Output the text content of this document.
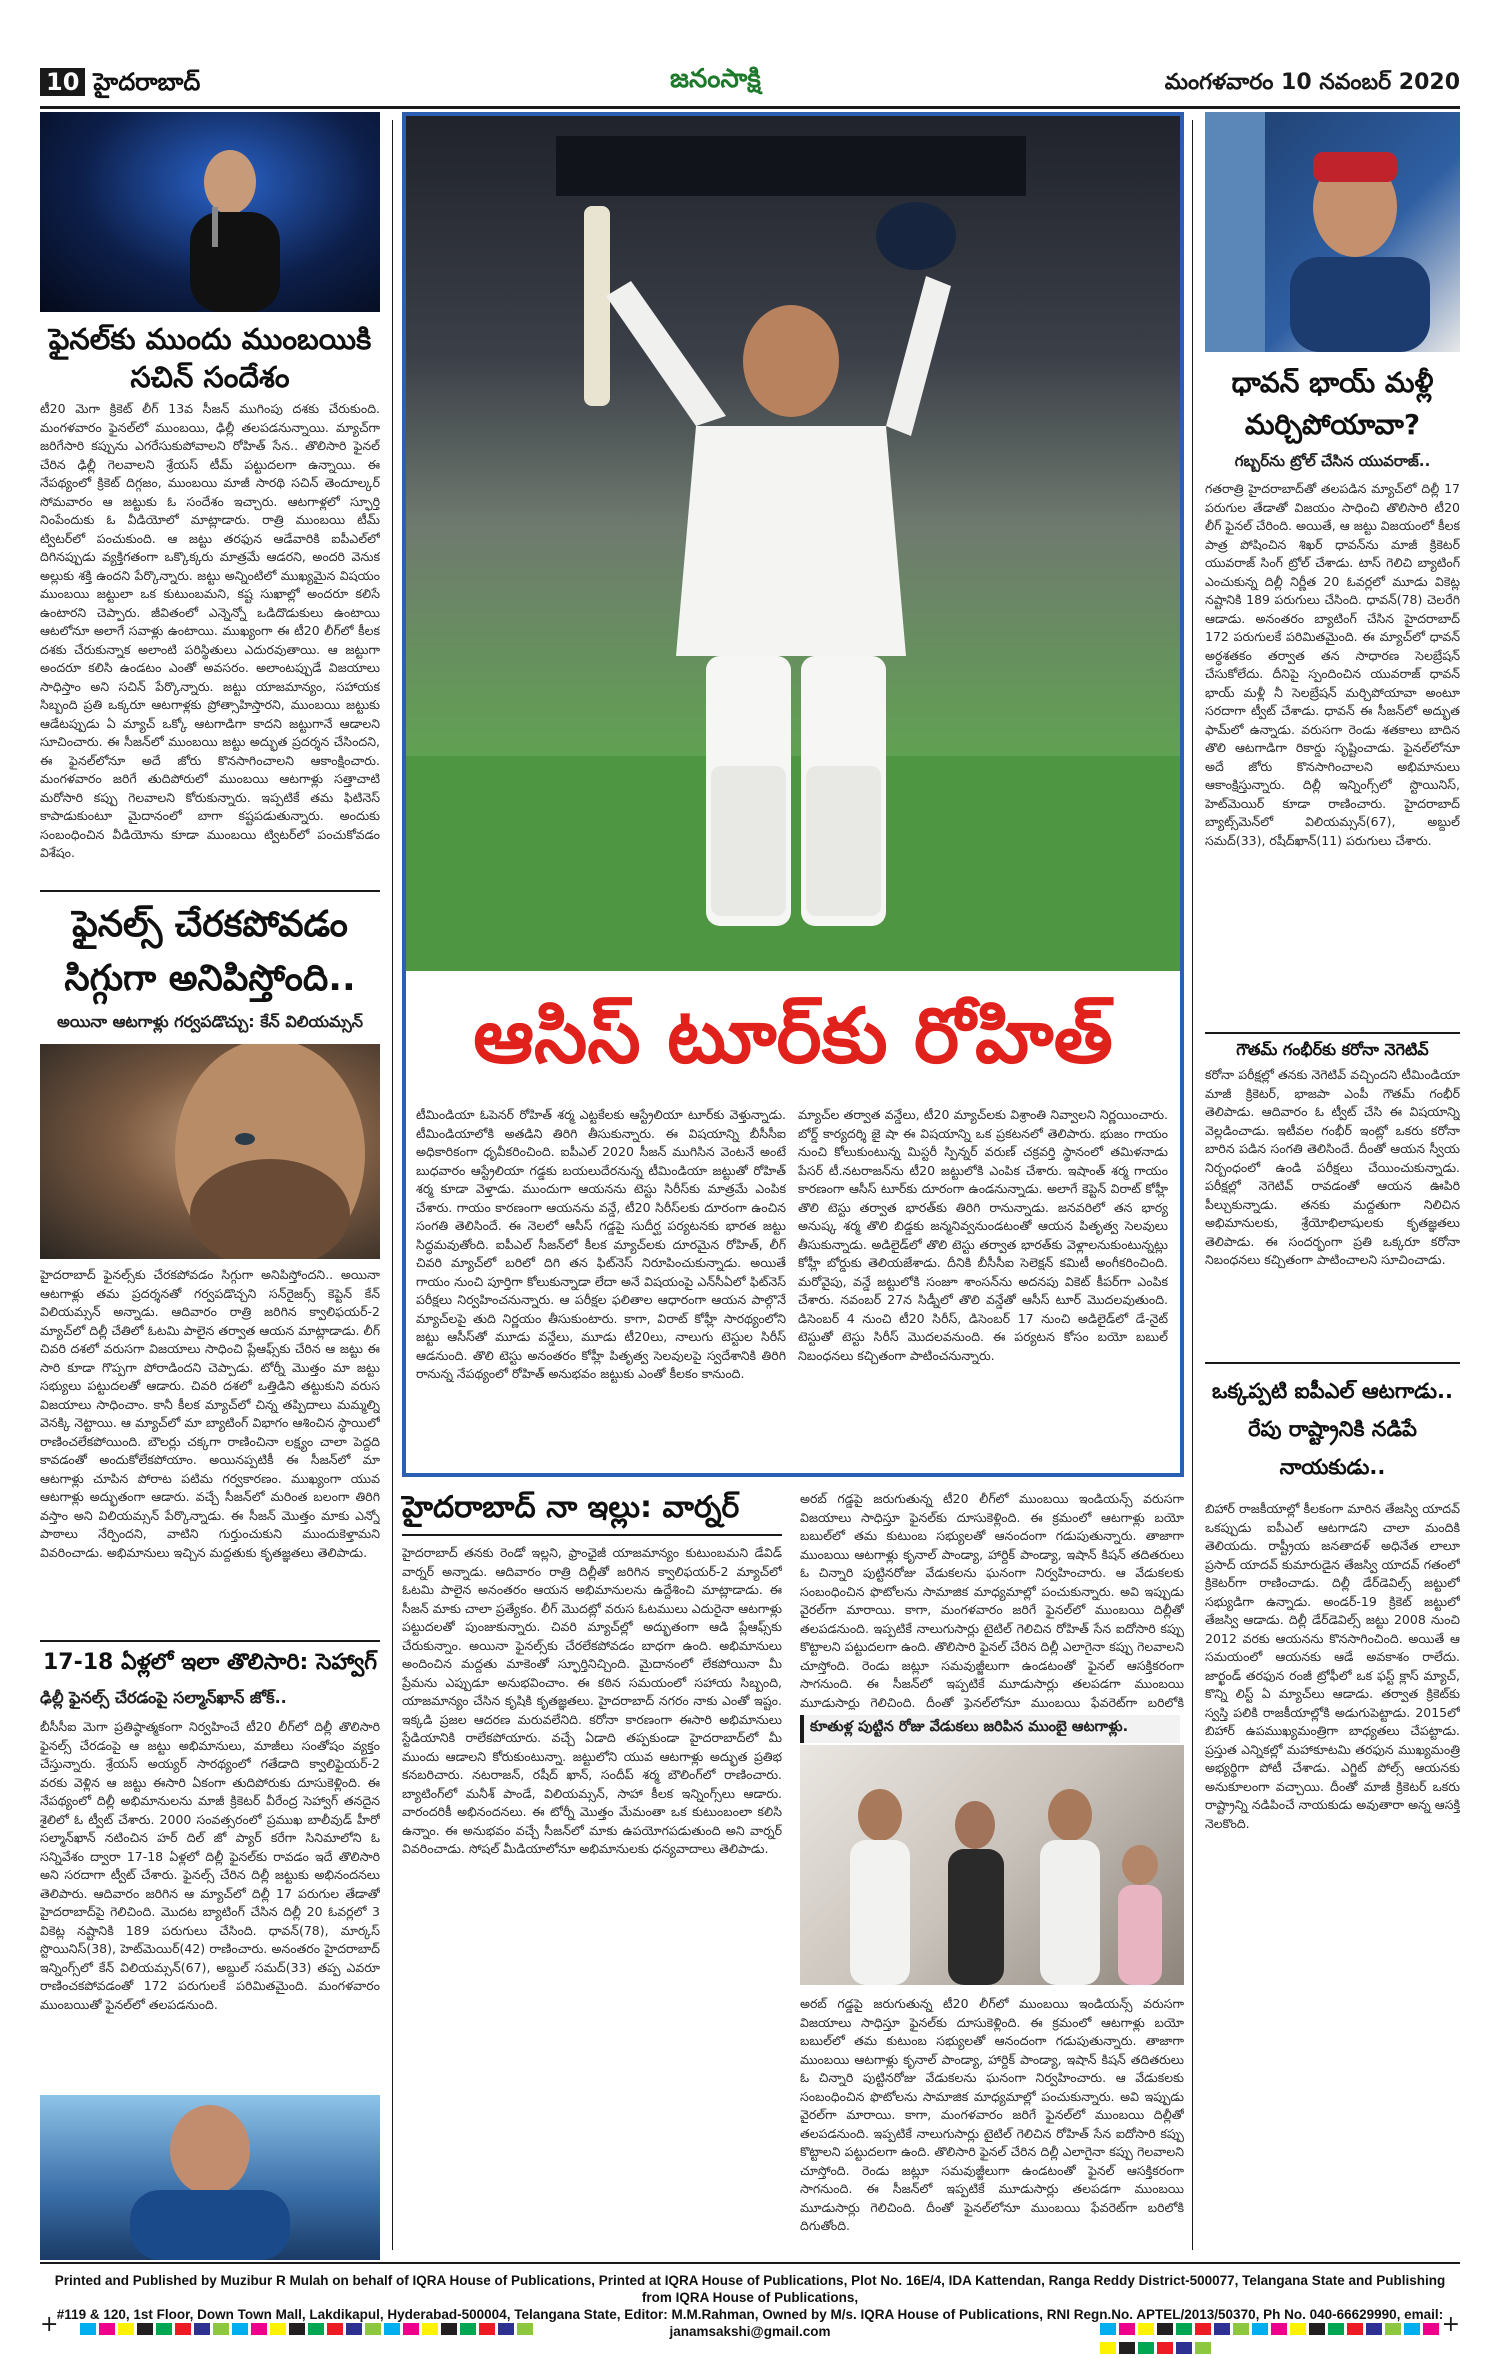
10 హైదరాబాద్	జనంసాక్షి	మంగళవారం 10 నవంబర్ 2020
ఫైనల్‌కు ముందు ముంబయికి సచిన్‌ సందేశం
టీ20 మెగా క్రికెట్ లీగ్ 13వ సీజన్ ముగింపు దశకు చేరుకుంది. మంగళవారం ఫైనల్‌లో ముంబయి, ఢిల్లీ తలపడనున్నాయి. మ్యాచ్‌గా జరిగేసారి కప్పును ఎగరేసుకుపోవాలని రోహిత్ సేన.. తొలిసారి ఫైనల్ చేరిన ఢిల్లీ గెలవాలని శ్రేయస్ టీమ్ పట్టుదలగా ఉన్నాయి. ఈ నేపథ్యంలో క్రికెట్ దిగ్గజం, ముంబయి మాజీ సారథి సచిన్ తెందూల్కర్ సోమవారం ఆ జట్టుకు ఓ సందేశం ఇచ్చారు. ఆటగాళ్లలో స్ఫూర్తి నింపేందుకు ఓ వీడియోలో మాట్లాడారు. రాత్రి ముంబయి టీమ్ ట్విటర్‌లో పంచుకుంది. ఆ జట్టు తరఫున ఆడేవారికి ఐపీఎల్‌లో దిగినప్పుడు వ్యక్తిగతంగా ఒక్కొక్కరు మాత్రమే ఆడరని, అందరి వెనుక అల్లుకు శక్తి ఉందని పేర్కొన్నారు. జట్టు అన్నింటిలో ముఖ్యమైన విషయం ముంబయి జట్టులా ఒక కుటుంబమని, కష్ట సుఖాల్లో అందరూ కలిసే ఉంటారని చెప్పారు. జీవితంలో ఎన్నెన్నో ఒడిదొడుకులు ఉంటాయి ఆటలోనూ అలాగే సవాళ్లు ఉంటాయి. ముఖ్యంగా ఈ టీ20 లీగ్‌లో కీలక దశకు చేరుకున్నాక అలాంటి పరిస్థితులు ఎదురవుతాయి. ఆ జట్టుగా అందరూ కలిసి ఉండటం ఎంతో అవసరం. అలాంటప్పుడే విజయాలు సాధిస్తాం అని సచిన్ పేర్కొన్నారు. జట్టు యాజమాన్యం, సహాయక సిబ్బంది ప్రతి ఒక్కరూ ఆటగాళ్లకు ప్రోత్సాహిస్తారని, ముంబయి జట్టుకు ఆడేటప్పుడు ఏ మ్యాచ్ ఒక్కో ఆటగాడిగా కాదని జట్టుగానే ఆడాలని సూచించారు. ఈ సీజన్‌లో ముంబయి జట్టు అద్భుత ప్రదర్శన చేసిందని, ఈ ఫైనల్‌లోనూ అదే జోరు కొనసాగించాలని ఆకాంక్షించారు. మంగళవారం జరిగే తుదిపోరులో ముంబయి ఆటగాళ్లు సత్తాచాటి మరోసారి కప్పు గెలవాలని కోరుకున్నారు. ఇప్పటికే తమ ఫిటినెస్ కాపాడుకుంటూ మైదానంలో బాగా కష్టపడుతున్నారు. అందుకు సంబంధించిన వీడియోను కూడా ముంబయి ట్విటర్‌లో పంచుకోవడం విశేషం.
ఫైనల్స్‌ చేరకపోవడం సిగ్గుగా అనిపిస్తోంది..
అయినా ఆటగాళ్లు గర్వపడొచ్చు: కేన్‌ విలియమ్సన్‌
హైదరాబాద్ ఫైనల్స్‌కు చేరకపోవడం సిగ్గుగా అనిపిస్తోందని.. అయినా ఆటగాళ్లు తమ ప్రదర్శనతో గర్వపడొచ్చని సన్‌రైజర్స్ కెప్టెన్ కేన్ విలియమ్సన్ అన్నాడు. ఆదివారం రాత్రి జరిగిన క్వాలిఫయర్-2 మ్యాచ్‌లో దిల్లీ చేతిలో ఓటమి పాలైన తర్వాత ఆయన మాట్లాడాడు. లీగ్ చివరి దశలో వరుసగా విజయాలు సాధించి ప్లేఆఫ్స్‌కు చేరిన ఆ జట్టు ఈ సారి కూడా గొప్పగా పోరాడిందని చెప్పాడు. టోర్నీ మొత్తం మా జట్టు సభ్యులు పట్టుదలతో ఆడారు. చివరి దశలో ఒత్తిడిని తట్టుకుని వరుస విజయాలు సాధించాం. కానీ కీలక మ్యాచ్‌లో చిన్న తప్పిదాలు మమ్మల్ని వెనక్కి నెట్టాయి. ఆ మ్యాచ్‌లో మా బ్యాటింగ్ విభాగం ఆశించిన స్థాయిలో రాణించలేకపోయింది. బౌలర్లు చక్కగా రాణించినా లక్ష్యం చాలా పెద్దది కావడంతో అందుకోలేకపోయాం. అయినప్పటికీ ఈ సీజన్‌లో మా ఆటగాళ్లు చూపిన పోరాట పటిమ గర్వకారణం. ముఖ్యంగా యువ ఆటగాళ్లు అద్భుతంగా ఆడారు. వచ్చే సీజన్‌లో మరింత బలంగా తిరిగి వస్తాం అని విలియమ్సన్ పేర్కొన్నాడు. ఈ సీజన్ మొత్తం మాకు ఎన్నో పాఠాలు నేర్పిందని, వాటిని గుర్తుంచుకుని ముందుకెళ్తామని వివరించాడు. అభిమానులు ఇచ్చిన మద్దతుకు కృతజ్ఞతలు తెలిపాడు.
17-18 ఏళ్లలో ఇలా తొలిసారి: సెహ్వాగ్‌
ఢిల్లీ ఫైనల్స్‌ చేరడంపై సల్మాన్‌ఖాన్‌ జోక్‌..
బీసీసీఐ మెగా ప్రతిష్ఠాత్మకంగా నిర్వహించే టీ20 లీగ్‌లో దిల్లీ తొలిసారి ఫైనల్స్ చేరడంపై ఆ జట్టు అభిమానులు, మాజీలు సంతోషం వ్యక్తం చేస్తున్నారు. శ్రేయస్ అయ్యర్ సారథ్యంలో గతేడాది క్వాలిఫైయర్-2 వరకు వెళ్లిన ఆ జట్టు ఈసారి ఏకంగా తుదిపోరుకు దూసుకెళ్లింది. ఈ నేపథ్యంలో దిల్లీ అభిమానులను మాజీ క్రికెటర్ వీరేంద్ర సెహ్వాగ్ తనదైన శైలిలో ఓ ట్వీట్ చేశారు. 2000 సంవత్సరంలో ప్రముఖ బాలీవుడ్ హీరో సల్మాన్‌ఖాన్ నటించిన హర్ దిల్ జో ప్యార్ కరేగా సినిమాలోని ఓ సన్నివేశం ద్వారా 17-18 ఏళ్లలో దిల్లీ ఫైనల్‌కు రావడం ఇదే తొలిసారి అని సరదాగా ట్వీట్ చేశారు. ఫైనల్స్ చేరిన దిల్లీ జట్టుకు అభినందనలు తెలిపారు. ఆదివారం జరిగిన ఆ మ్యాచ్‌లో దిల్లీ 17 పరుగుల తేడాతో హైదరాబాద్‌పై గెలిచింది. మొదట బ్యాటింగ్ చేసిన దిల్లీ 20 ఓవర్లలో 3 వికెట్ల నష్టానికి 189 పరుగులు చేసింది. ధావన్(78), మార్కస్ స్టొయినిస్(38), హెట్‌మెయిర్(42) రాణించారు. అనంతరం హైదరాబాద్ ఇన్నింగ్స్‌లో కేన్ విలియమ్సన్(67), అబ్దుల్ సమద్(33) తప్ప ఎవరూ రాణించకపోవడంతో 172 పరుగులకే పరిమితమైంది. మంగళవారం ముంబయితో ఫైనల్‌లో తలపడనుంది.
ఆసిస్‌ టూర్‌కు రోహిత్‌
టీమిండియా ఓపెనర్ రోహిత్ శర్మ ఎట్టకేలకు ఆస్ట్రేలియా టూర్‌కు వెళ్తున్నాడు. టీమిండియాలోకి అతడిని తిరిగి తీసుకున్నారు. ఈ విషయాన్ని బీసీసీఐ అధికారికంగా ధృవీకరించింది. ఐపీఎల్ 2020 సీజన్ ముగిసిన వెంటనే అంటే బుధవారం ఆస్ట్రేలియా గడ్డకు బయలుదేరనున్న టీమిండియా జట్టుతో రోహిత్ శర్మ కూడా వెళ్తాడు. ముందుగా ఆయనను టెస్టు సిరీస్‌కు మాత్రమే ఎంపిక చేశారు. గాయం కారణంగా ఆయనను వన్డే, టీ20 సిరీస్‌లకు దూరంగా ఉంచిన సంగతి తెలిసిందే. ఈ నెలలో ఆసీస్ గడ్డపై సుదీర్ఘ పర్యటనకు భారత జట్టు సిద్ధమవుతోంది. ఐపీఎల్ సీజన్‌లో కీలక మ్యాచ్‌లకు దూరమైన రోహిత్, లీగ్ చివరి మ్యాచ్‌లో బరిలో దిగి తన ఫిట్‌నెస్ నిరూపించుకున్నాడు. అయితే గాయం నుంచి పూర్తిగా కోలుకున్నాడా లేదా అనే విషయంపై ఎన్‌సీఏలో ఫిట్‌నెస్ పరీక్షలు నిర్వహించనున్నారు. ఆ పరీక్షల ఫలితాల ఆధారంగా ఆయన పాల్గొనే మ్యాచ్‌లపై తుది నిర్ణయం తీసుకుంటారు. కాగా, విరాట్ కోహ్లీ సారథ్యంలోని జట్టు ఆసీస్‌తో మూడు వన్డేలు, మూడు టీ20లు, నాలుగు టెస్టుల సిరీస్ ఆడనుంది. తొలి టెస్టు అనంతరం కోహ్లీ పితృత్వ సెలవులపై స్వదేశానికి తిరిగి రానున్న నేపథ్యంలో రోహిత్ అనుభవం జట్టుకు ఎంతో కీలకం కానుంది.
మ్యాచ్‌ల తర్వాత వన్డేలు, టీ20 మ్యాచ్‌లకు విశ్రాంతి నివ్వాలని నిర్ణయించారు. బోర్డ్ కార్యదర్శి జై షా ఈ విషయాన్ని ఒక ప్రకటనలో తెలిపారు. భుజం గాయం నుంచి కోలుకుంటున్న మిస్టరీ స్పిన్నర్ వరుణ్ చక్రవర్తి స్థానంలో తమిళనాడు పేసర్ టీ.నటరాజన్‌ను టీ20 జట్టులోకి ఎంపిక చేశారు. ఇషాంత్ శర్మ గాయం కారణంగా ఆసీస్ టూర్‌కు దూరంగా ఉండనున్నాడు. అలాగే కెప్టెన్ విరాట్ కోహ్లీ తొలి టెస్టు తర్వాత భారత్‌కు తిరిగి రానున్నాడు. జనవరిలో తన భార్య అనుష్క శర్మ తొలి బిడ్డకు జన్మనివ్వనుండటంతో ఆయన పితృత్వ సెలవులు తీసుకున్నాడు. అడిలైడ్‌లో తొలి టెస్టు తర్వాత భారత్‌కు వెళ్లాలనుకుంటున్నట్లు కోహ్లీ బోర్డుకు తెలియజేశాడు. దీనికి బీసీసీఐ సెలెక్షన్ కమిటీ అంగీకరించింది. మరోవైపు, వన్డే జట్టులోకి సంజూ శాంసన్‌ను అదనపు వికెట్ కీపర్‌గా ఎంపిక చేశారు. నవంబర్ 27న సిడ్నీలో తొలి వన్డేతో ఆసీస్ టూర్ మొదలవుతుంది. డిసెంబర్ 4 నుంచి టీ20 సిరీస్, డిసెంబర్ 17 నుంచి అడిలైడ్‌లో డే-నైట్ టెస్టుతో టెస్టు సిరీస్ మొదలవనుంది. ఈ పర్యటన కోసం బయో బబుల్ నిబంధనలు కచ్చితంగా పాటించనున్నారు.
హైదరాబాద్‌ నా ఇల్లు: వార్నర్‌
హైదరాబాద్ తనకు రెండో ఇల్లని, ఫ్రాంఛైజీ యాజమాన్యం కుటుంబమని డేవిడ్ వార్నర్ అన్నాడు. ఆదివారం రాత్రి దిల్లీతో జరిగిన క్వాలిఫయర్-2 మ్యాచ్‌లో ఓటమి పాలైన అనంతరం ఆయన అభిమానులను ఉద్దేశించి మాట్లాడాడు. ఈ సీజన్ మాకు చాలా ప్రత్యేకం. లీగ్ మొదట్లో వరుస ఓటములు ఎదురైనా ఆటగాళ్లు పట్టుదలతో పుంజుకున్నారు. చివరి మ్యాచ్‌ల్లో అద్భుతంగా ఆడి ప్లేఆఫ్స్‌కు చేరుకున్నాం. అయినా ఫైనల్స్‌కు చేరలేకపోవడం బాధగా ఉంది. అభిమానులు అందించిన మద్దతు మాకెంతో స్ఫూర్తినిచ్చింది. మైదానంలో లేకపోయినా మీ ప్రేమను ఎప్పుడూ అనుభవించాం. ఈ కఠిన సమయంలో సహాయ సిబ్బంది, యాజమాన్యం చేసిన కృషికి కృతజ్ఞతలు. హైదరాబాద్ నగరం నాకు ఎంతో ఇష్టం. ఇక్కడి ప్రజల ఆదరణ మరువలేనిది. కరోనా కారణంగా ఈసారి అభిమానులు స్టేడియానికి రాలేకపోయారు. వచ్చే ఏడాది తప్పకుండా హైదరాబాద్‌లో మీ ముందు ఆడాలని కోరుకుంటున్నా. జట్టులోని యువ ఆటగాళ్లు అద్భుత ప్రతిభ కనబరిచారు. నటరాజన్, రషీద్ ఖాన్, సందీప్ శర్మ బౌలింగ్‌లో రాణించారు. బ్యాటింగ్‌లో మనీశ్ పాండే, విలియమ్సన్, సాహా కీలక ఇన్నింగ్స్‌లు ఆడారు. వారందరికీ అభినందనలు. ఈ టోర్నీ మొత్తం మేమంతా ఒక కుటుంబంలా కలిసి ఉన్నాం. ఈ అనుభవం వచ్చే సీజన్‌లో మాకు ఉపయోగపడుతుంది అని వార్నర్ వివరించాడు. సోషల్ మీడియాలోనూ అభిమానులకు ధన్యవాదాలు తెలిపాడు.
అరబ్ గడ్డపై జరుగుతున్న టీ20 లీగ్‌లో ముంబయి ఇండియన్స్ వరుసగా విజయాలు సాధిస్తూ ఫైనల్‌కు దూసుకెళ్లింది. ఈ క్రమంలో ఆటగాళ్లు బయో బబుల్‌లో తమ కుటుంబ సభ్యులతో ఆనందంగా గడుపుతున్నారు. తాజాగా ముంబయి ఆటగాళ్లు కృనాల్ పాండ్యా, హార్దిక్ పాండ్యా, ఇషాన్ కిషన్ తదితరులు ఓ చిన్నారి పుట్టినరోజు వేడుకలను ఘనంగా నిర్వహించారు. ఆ వేడుకలకు సంబంధించిన ఫొటోలను సామాజిక మాధ్యమాల్లో పంచుకున్నారు. అవి ఇప్పుడు వైరల్‌గా మారాయి. కాగా, మంగళవారం జరిగే ఫైనల్‌లో ముంబయి దిల్లీతో తలపడనుంది. ఇప్పటికే నాలుగుసార్లు టైటిల్ గెలిచిన రోహిత్ సేన ఐదోసారి కప్పు కొట్టాలని పట్టుదలగా ఉంది. తొలిసారి ఫైనల్ చేరిన దిల్లీ ఎలాగైనా కప్పు గెలవాలని చూస్తోంది. రెండు జట్లూ సమవుజ్జీలుగా ఉండటంతో ఫైనల్ ఆసక్తికరంగా సాగనుంది. ఈ సీజన్‌లో ఇప్పటికే మూడుసార్లు తలపడగా ముంబయి మూడుసార్లు గెలిచింది. దీంతో ఫైనల్‌లోనూ ముంబయి ఫేవరెట్‌గా బరిలోకి
కూతుళ్ల పుట్టిన రోజు వేడుకలు జరిపిన ముంబై ఆటగాళ్లు.
అరబ్ గడ్డపై జరుగుతున్న టీ20 లీగ్‌లో ముంబయి ఇండియన్స్ వరుసగా విజయాలు సాధిస్తూ ఫైనల్‌కు దూసుకెళ్లింది. ఈ క్రమంలో ఆటగాళ్లు బయో బబుల్‌లో తమ కుటుంబ సభ్యులతో ఆనందంగా గడుపుతున్నారు. తాజాగా ముంబయి ఆటగాళ్లు కృనాల్ పాండ్యా, హార్దిక్ పాండ్యా, ఇషాన్ కిషన్ తదితరులు ఓ చిన్నారి పుట్టినరోజు వేడుకలను ఘనంగా నిర్వహించారు. ఆ వేడుకలకు సంబంధించిన ఫొటోలను సామాజిక మాధ్యమాల్లో పంచుకున్నారు. అవి ఇప్పుడు వైరల్‌గా మారాయి. కాగా, మంగళవారం జరిగే ఫైనల్‌లో ముంబయి దిల్లీతో తలపడనుంది. ఇప్పటికే నాలుగుసార్లు టైటిల్ గెలిచిన రోహిత్ సేన ఐదోసారి కప్పు కొట్టాలని పట్టుదలగా ఉంది. తొలిసారి ఫైనల్ చేరిన దిల్లీ ఎలాగైనా కప్పు గెలవాలని చూస్తోంది. రెండు జట్లూ సమవుజ్జీలుగా ఉండటంతో ఫైనల్ ఆసక్తికరంగా సాగనుంది. ఈ సీజన్‌లో ఇప్పటికే మూడుసార్లు తలపడగా ముంబయి మూడుసార్లు గెలిచింది. దీంతో ఫైనల్‌లోనూ ముంబయి ఫేవరెట్‌గా బరిలోకి దిగుతోంది.
ధావన్‌ భాయ్‌ మళ్లీ మర్చిపోయావా?
గబ్బర్‌ను ట్రోల్‌ చేసిన యువరాజ్‌..
గతరాత్రి హైదరాబాద్‌తో తలపడిన మ్యాచ్‌లో దిల్లీ 17 పరుగుల తేడాతో విజయం సాధించి తొలిసారి టీ20 లీగ్ ఫైనల్ చేరింది. అయితే, ఆ జట్టు విజయంలో కీలక పాత్ర పోషించిన శిఖర్ ధావన్‌ను మాజీ క్రికెటర్ యువరాజ్ సింగ్ ట్రోల్ చేశాడు. టాస్ గెలిచి బ్యాటింగ్ ఎంచుకున్న దిల్లీ నిర్ణీత 20 ఓవర్లలో మూడు వికెట్ల నష్టానికి 189 పరుగులు చేసింది. ధావన్(78) చెలరేగి ఆడాడు. అనంతరం బ్యాటింగ్ చేసిన హైదరాబాద్ 172 పరుగులకే పరిమితమైంది. ఈ మ్యాచ్‌లో ధావన్ అర్ధశతకం తర్వాత తన సాధారణ సెలబ్రేషన్ చేసుకోలేదు. దీనిపై స్పందించిన యువరాజ్ ధావన్ భాయ్ మళ్లీ నీ సెలబ్రేషన్ మర్చిపోయావా అంటూ సరదాగా ట్వీట్ చేశాడు. ధావన్ ఈ సీజన్‌లో అద్భుత ఫామ్‌లో ఉన్నాడు. వరుసగా రెండు శతకాలు బాదిన తొలి ఆటగాడిగా రికార్డు సృష్టించాడు. ఫైనల్‌లోనూ అదే జోరు కొనసాగించాలని అభిమానులు ఆకాంక్షిస్తున్నారు. దిల్లీ ఇన్నింగ్స్‌లో స్టొయినిస్, హెట్‌మెయిర్ కూడా రాణించారు. హైదరాబాద్ బ్యాట్స్‌మెన్‌లో విలియమ్సన్(67), అబ్దుల్ సమద్(33), రషీద్‌ఖాన్(11) పరుగులు చేశారు.
గౌతమ్‌ గంభీర్‌కు కరోనా నెగెటివ్‌
కరోనా పరీక్షల్లో తనకు నెగెటివ్ వచ్చిందని టీమిండియా మాజీ క్రికెటర్, భాజపా ఎంపీ గౌతమ్ గంభీర్ తెలిపాడు. ఆదివారం ఓ ట్వీట్ చేసి ఈ విషయాన్ని వెల్లడించాడు. ఇటీవల గంభీర్ ఇంట్లో ఒకరు కరోనా బారిన పడిన సంగతి తెలిసిందే. దీంతో ఆయన స్వీయ నిర్బంధంలో ఉండి పరీక్షలు చేయించుకున్నాడు. పరీక్షల్లో నెగెటివ్ రావడంతో ఆయన ఊపిరి పీల్చుకున్నాడు. తనకు మద్దతుగా నిలిచిన అభిమానులకు, శ్రేయోభిలాషులకు కృతజ్ఞతలు తెలిపాడు. ఈ సందర్భంగా ప్రతి ఒక్కరూ కరోనా నిబంధనలు కచ్చితంగా పాటించాలని సూచించాడు.
ఒక్కప్పటి ఐపీఎల్‌ ఆటగాడు.. రేపు రాష్ట్రానికి నడిపే నాయకుడు..
బిహార్ రాజకీయాల్లో కీలకంగా మారిన తేజస్వి యాదవ్ ఒకప్పుడు ఐపీఎల్ ఆటగాడని చాలా మందికి తెలియదు. రాష్ట్రీయ జనతాదళ్ అధినేత లాలూ ప్రసాద్ యాదవ్ కుమారుడైన తేజస్వి యాదవ్ గతంలో క్రికెటర్‌గా రాణించాడు. దిల్లీ డేర్‌డెవిల్స్ జట్టులో సభ్యుడిగా ఉన్నాడు. అండర్-19 క్రికెట్ జట్టులో తేజస్వి ఆడాడు. దిల్లీ డేర్‌డెవిల్స్ జట్టు 2008 నుంచి 2012 వరకు ఆయనను కొనసాగించింది. అయితే ఆ సమయంలో ఆయనకు ఆడే అవకాశం రాలేదు. జార్ఖండ్ తరఫున రంజీ ట్రోఫీలో ఒక ఫస్ట్ క్లాస్ మ్యాచ్, కొన్ని లిస్ట్ ఏ మ్యాచ్‌లు ఆడాడు. తర్వాత క్రికెట్‌కు స్వస్తి పలికి రాజకీయాల్లోకి అడుగుపెట్టాడు. 2015లో బిహార్ ఉపముఖ్యమంత్రిగా బాధ్యతలు చేపట్టాడు. ప్రస్తుత ఎన్నికల్లో మహాకూటమి తరఫున ముఖ్యమంత్రి అభ్యర్థిగా పోటీ చేశాడు. ఎగ్జిట్ పోల్స్ ఆయనకు అనుకూలంగా వచ్చాయి. దీంతో మాజీ క్రికెటర్ ఒకరు రాష్ట్రాన్ని నడిపించే నాయకుడు అవుతారా అన్న ఆసక్తి నెలకొంది.
Printed and Published by Muzibur R Mulah on behalf of IQRA House of Publications, Printed at IQRA House of Publications, Plot No. 16E/4, IDA Kattendan, Ranga Reddy District-500077, Telangana State and Publishing from IQRA House of Publications,
#119 & 120, 1st Floor, Down Town Mall, Lakdikapul, Hyderabad-500004, Telangana State, Editor: M.M.Rahman, Owned by M/s. IQRA House of Publications, RNI Regn.No. APTEL/2013/50370, Ph No. 040-66629990, email: janamsakshi@gmail.com
+	+
